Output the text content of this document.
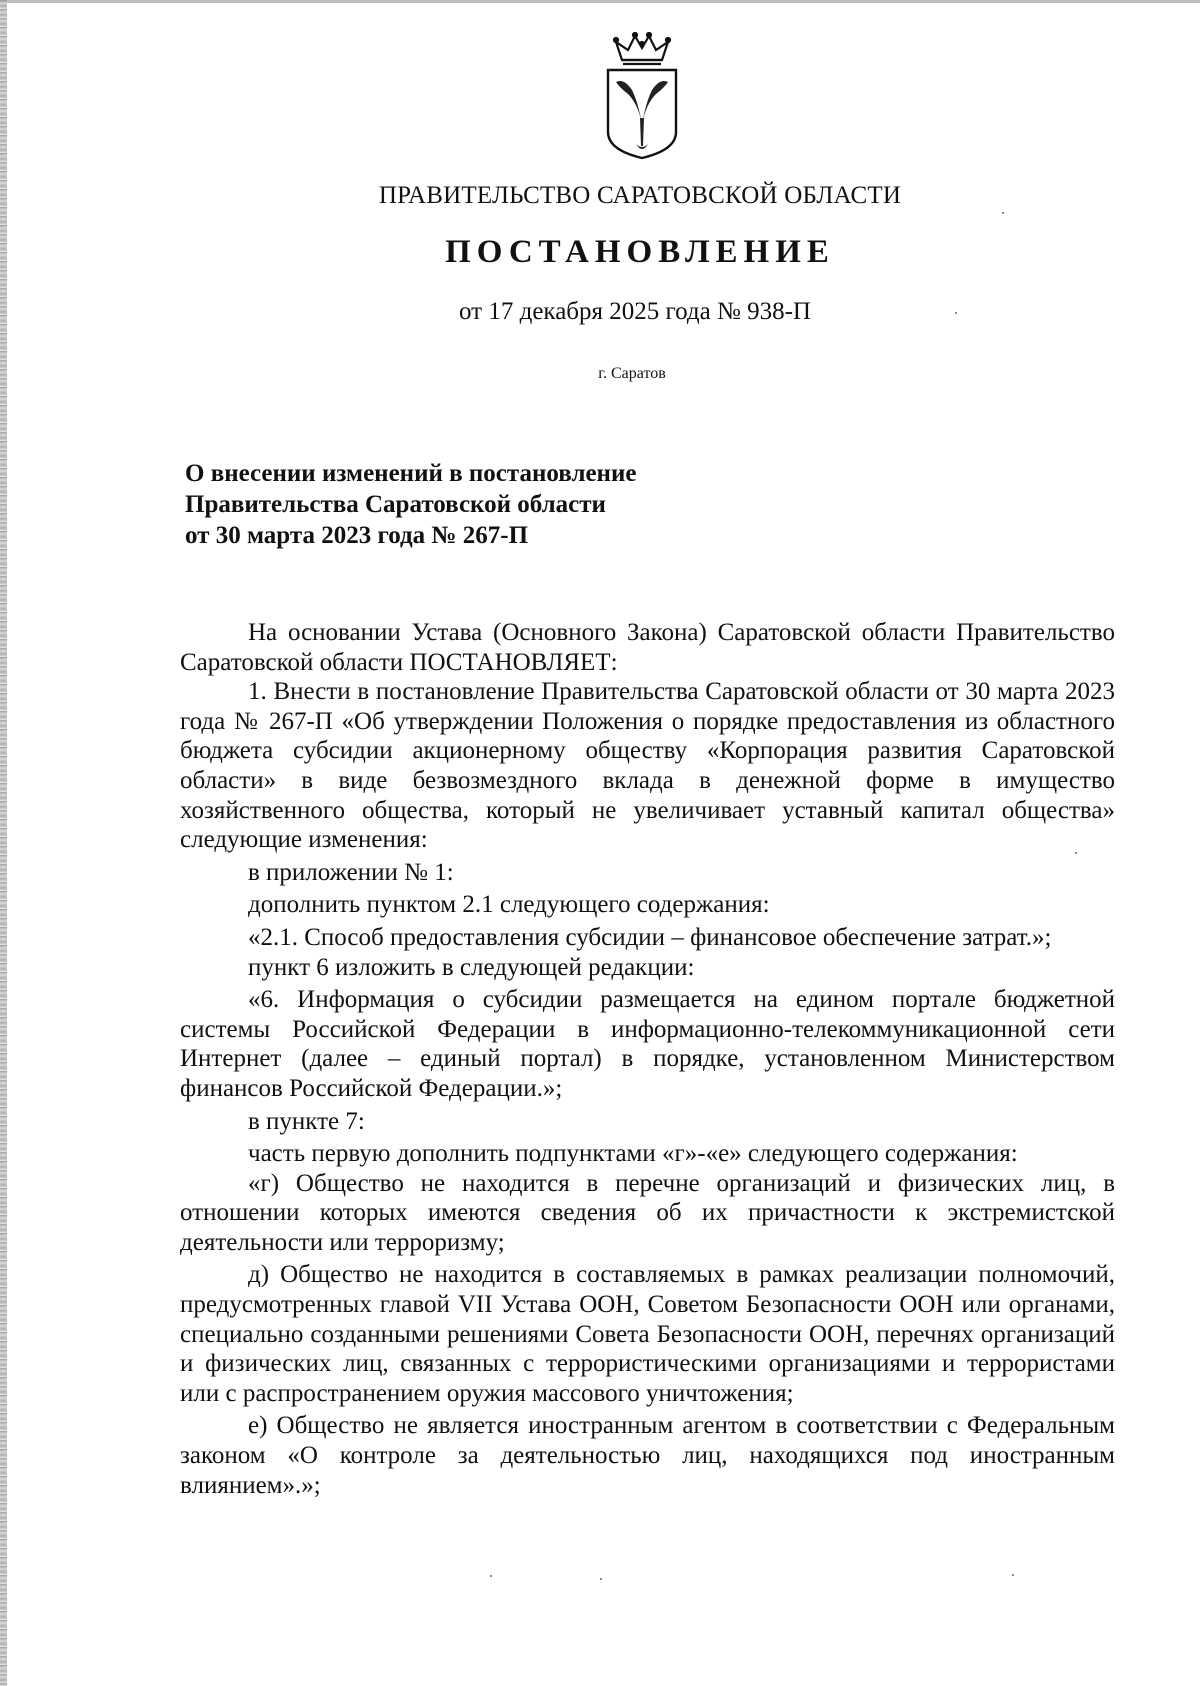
ПРАВИТЕЛЬСТВО САРАТОВСКОЙ ОБЛАСТИ
ПОСТАНОВЛЕНИЕ
от 17 декабря 2025 года № 938-П
г. Саратов
О внесении изменений в постановление
Правительства Саратовской области
от 30 марта 2023 года № 267-П

На основании Устава (Основного Закона) Саратовской области Правительство Саратовской области ПОСТАНОВЛЯЕТ:

1. Внести в постановление Правительства Саратовской области от 30 марта 2023 года № 267-П «Об утверждении Положения о порядке предоставления из областного бюджета субсидии акционерному обществу «Корпорация развития Саратовской области» в виде безвозмездного вклада в денежной форме в имущество хозяйственного общества, который не увеличивает уставный капитал общества» следующие изменения:

в приложении № 1:

дополнить пунктом 2.1 следующего содержания:

«2.1. Способ предоставления субсидии – финансовое обеспечение затрат.»;

пункт 6 изложить в следующей редакции:

«6. Информация о субсидии размещается на едином портале бюджетной системы Российской Федерации в информационно-телекоммуникационной сети Интернет (далее – единый портал) в порядке, установленном Министерством финансов Российской Федерации.»;

в пункте 7:

часть первую дополнить подпунктами «г»-«е» следующего содержания:

«г) Общество не находится в перечне организаций и физических лиц, в отношении которых имеются сведения об их причастности к экстремистской деятельности или терроризму;

д) Общество не находится в составляемых в рамках реализации полномочий, предусмотренных главой VII Устава ООН, Советом Безопасности ООН или органами, специально созданными решениями Совета Безопасности ООН, перечнях организаций и физических лиц, связанных с террористическими организациями и террористами или с распространением оружия массового уничтожения;

е) Общество не является иностранным агентом в соответствии с Федеральным законом «О контроле за деятельностью лиц, находящихся под иностранным влиянием».»;
